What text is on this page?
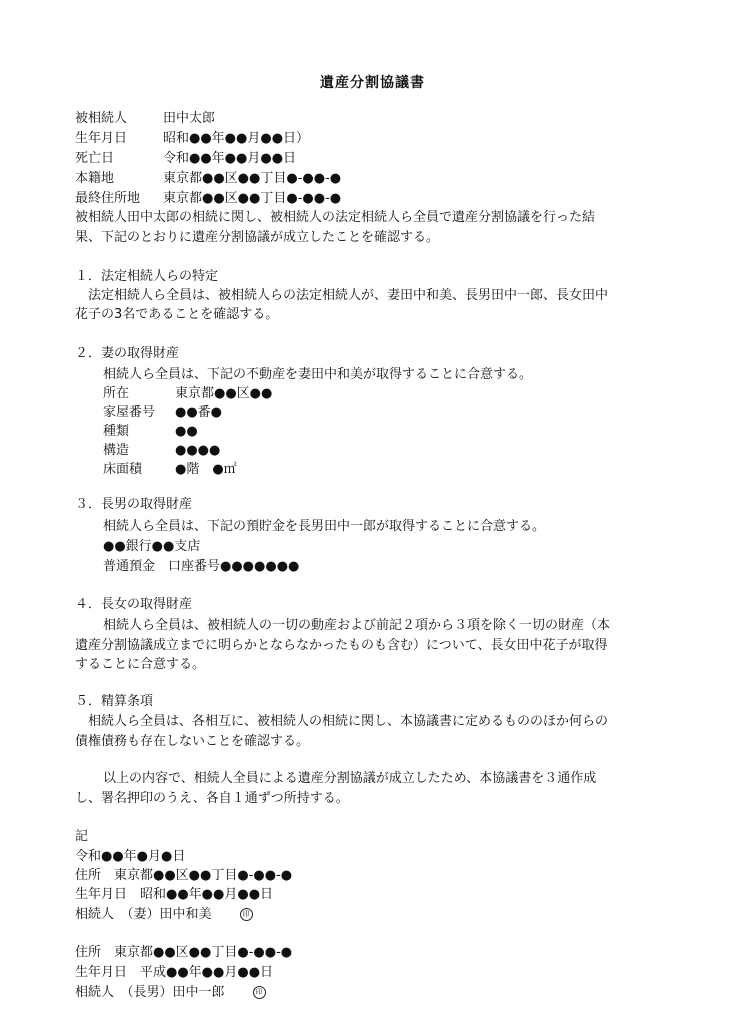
遺産分割協議書
被相続人	田中太郎
生年月日	昭和●●年●●月●●日）
死亡日	令和●●年●●月●●日
本籍地	東京都●●区●●丁目●-●●-●
最終住所地 東京都●●区●●丁目●-●●-●
被相続人田中太郎の相続に関し、被相続人の法定相続人ら全員で遺産分割協議を行った結
果、下記のとおりに遺産分割協議が成立したことを確認する。
１．法定相続人らの特定
　法定相続人ら全員は、被相続人らの法定相続人が、妻田中和美、長男田中一郎、長女田中
花子の3名であることを確認する。
２．妻の取得財産
相続人ら全員は、下記の不動産を妻田中和美が取得することに合意する。
所在	東京都●●区●●
家屋番号 ●●番●
種類	●●
構造	●●●●
床面積	●階　●㎡
３．長男の取得財産
相続人ら全員は、下記の預貯金を長男田中一郎が取得することに合意する。
●●銀行●●支店
普通預金　口座番号●●●●●●●
４．長女の取得財産
相続人ら全員は、被相続人の一切の動産および前記２項から３項を除く一切の財産（本
遺産分割協議成立までに明らかとならなかったものも含む）について、長女田中花子が取得
することに合意する。
５．精算条項
相続人ら全員は、各相互に、被相続人の相続に関し、本協議書に定めるもののほか何らの
債権債務も存在しないことを確認する。
以上の内容で、相続人全員による遺産分割協議が成立したため、本協議書を３通作成
し、署名押印のうえ、各自１通ずつ所持する。
記
令和●●年●月●日
住所　東京都●●区●●丁目●-●●-●
生年月日　昭和●●年●●月●●日
相続人　（妻）田中和美	印
住所　東京都●●区●●丁目●-●●-●
生年月日　平成●●年●●月●●日
相続人　（長男）田中一郎	印
